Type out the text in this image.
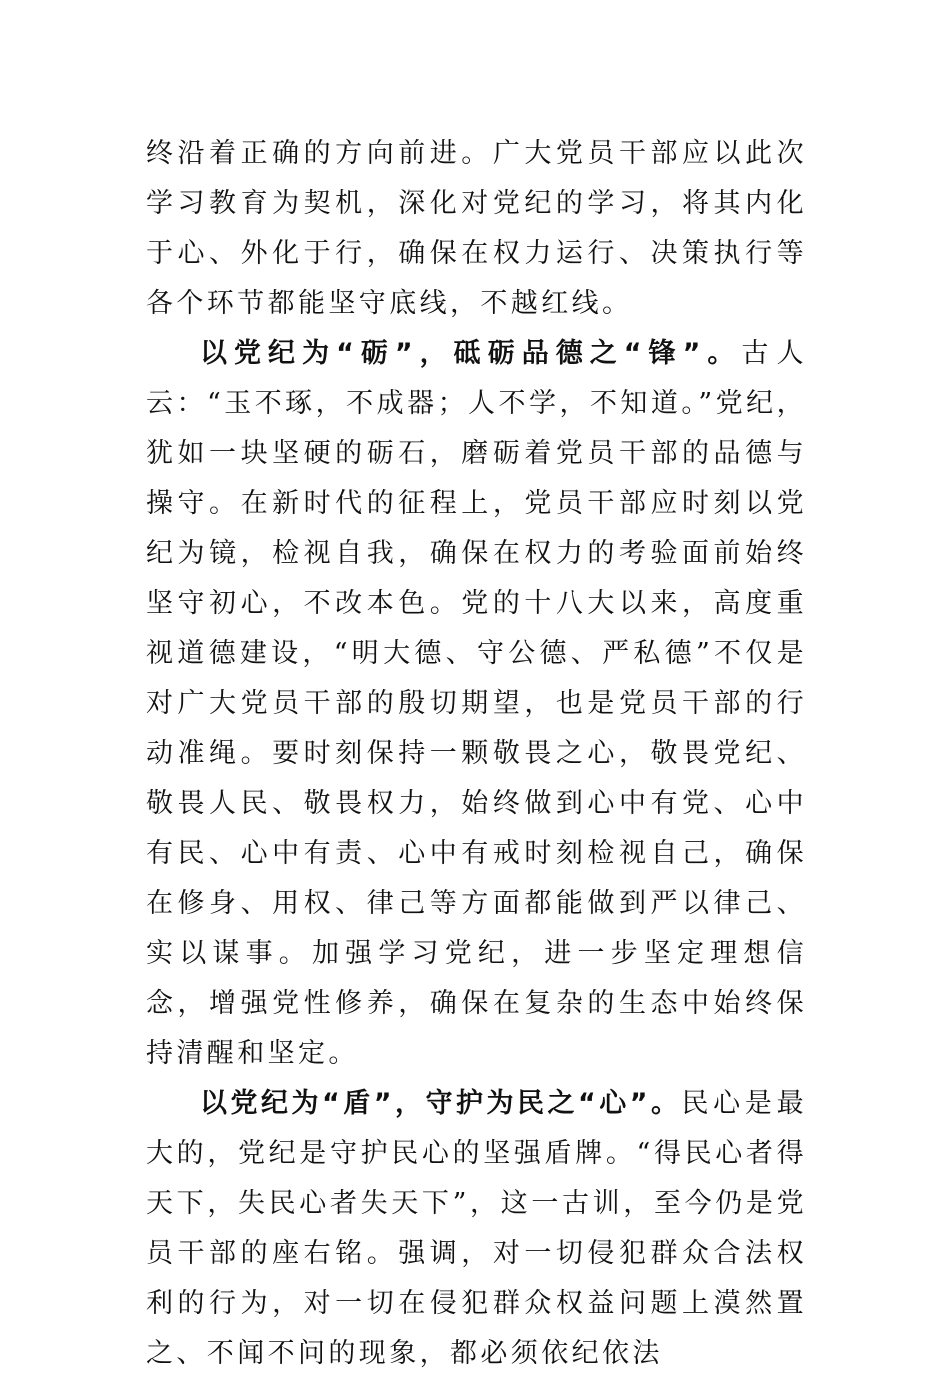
终沿着正确的方向前进。广大党员干部应以此次学习教育为契机，深化对党纪的学习，将其内化于心、外化于行，确保在权力运行、决策执行等各个环节都能坚守底线，不越红线。

以党纪为“砺”，砥砺品德之“锋”。古人云：“玉不琢，不成器；人不学，不知道。”党纪，犹如一块坚硬的砺石，磨砺着党员干部的品德与操守。在新时代的征程上，党员干部应时刻以党纪为镜，检视自我，确保在权力的考验面前始终坚守初心，不改本色。党的十八大以来，高度重视道德建设，“明大德、守公德、严私德”不仅是对广大党员干部的殷切期望，也是党员干部的行动准绳。要时刻保持一颗敬畏之心，敬畏党纪、敬畏人民、敬畏权力，始终做到心中有党、心中有民、心中有责、心中有戒时刻检视自己，确保在修身、用权、律己等方面都能做到严以律己、实以谋事。加强学习党纪，进一步坚定理想信念，增强党性修养，确保在复杂的生态中始终保持清醒和坚定。

以党纪为“盾”，守护为民之“心”。民心是最大的，党纪是守护民心的坚强盾牌。“得民心者得天下，失民心者失天下”，这一古训，至今仍是党员干部的座右铭。强调，对一切侵犯群众合法权利的行为，对一切在侵犯群众权益问题上漠然置之、不闻不问的现象，都必须依纪依法
